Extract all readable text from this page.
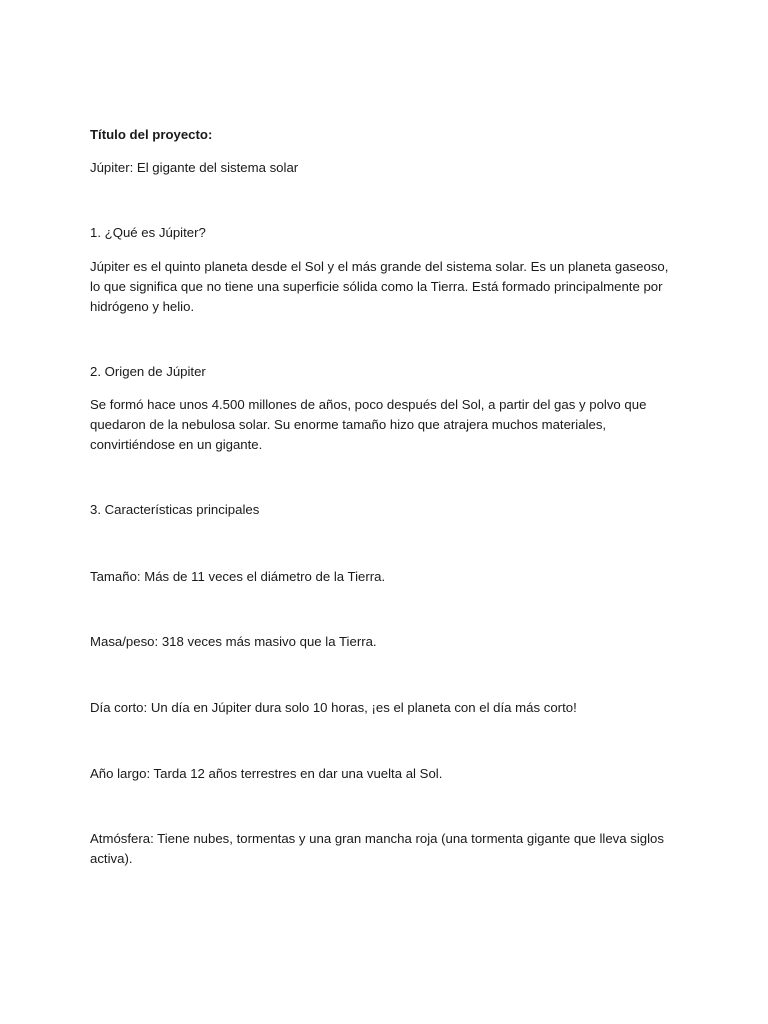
Título del proyecto:

Júpiter: El gigante del sistema solar

1. ¿Qué es Júpiter?

Júpiter es el quinto planeta desde el Sol y el más grande del sistema solar. Es un planeta gaseoso, lo que significa que no tiene una superficie sólida como la Tierra. Está formado principalmente por hidrógeno y helio.

2. Origen de Júpiter

Se formó hace unos 4.500 millones de años, poco después del Sol, a partir del gas y polvo que quedaron de la nebulosa solar. Su enorme tamaño hizo que atrajera muchos materiales, convirtiéndose en un gigante.

3. Características principales

Tamaño: Más de 11 veces el diámetro de la Tierra.

Masa/peso: 318 veces más masivo que la Tierra.

Día corto: Un día en Júpiter dura solo 10 horas, ¡es el planeta con el día más corto!

Año largo: Tarda 12 años terrestres en dar una vuelta al Sol.

Atmósfera: Tiene nubes, tormentas y una gran mancha roja (una tormenta gigante que lleva siglos activa).
